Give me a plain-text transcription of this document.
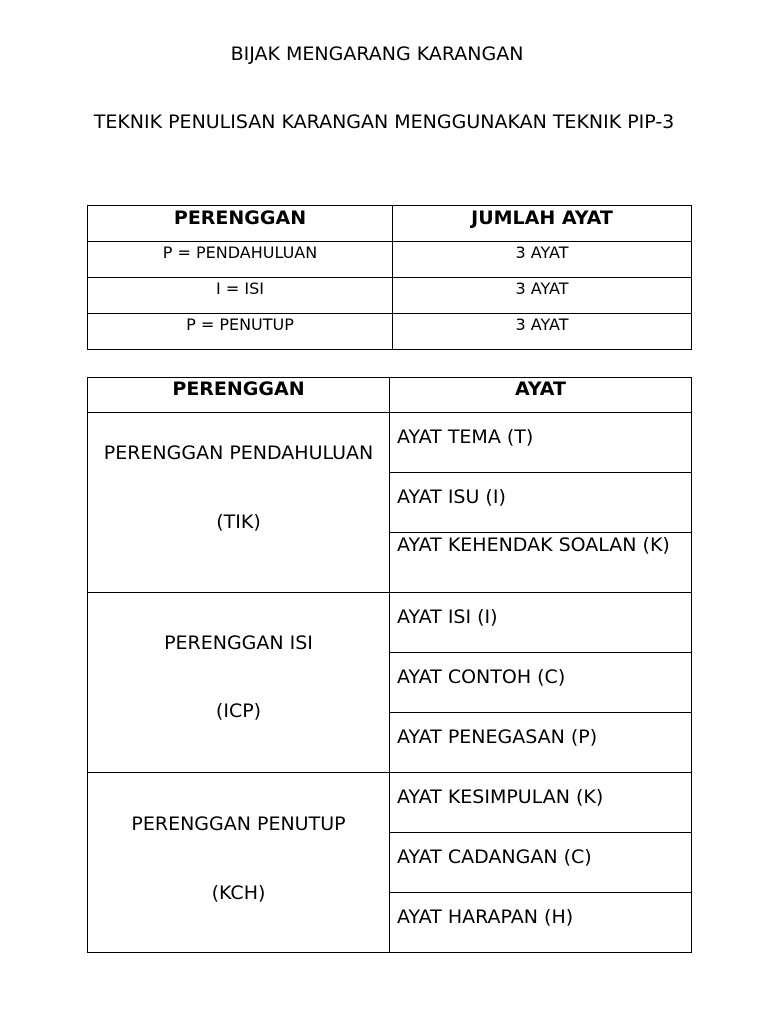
BIJAK MENGARANG KARANGAN
TEKNIK PENULISAN KARANGAN MENGGUNAKAN TEKNIK PIP-3
PERENGGAN	JUMLAH AYAT
P = PENDAHULUAN	3 AYAT
I = ISI	3 AYAT
P = PENUTUP	3 AYAT
PERENGGAN	AYAT

PERENGGAN PENDAHULUAN
(TIK)	AYAT TEMA (T)
	AYAT ISU (I)
	AYAT KEHENDAK SOALAN (K)

PERENGGAN ISI
(ICP)	AYAT ISI (I)
	AYAT CONTOH (C)
	AYAT PENEGASAN (P)

PERENGGAN PENUTUP
(KCH)	AYAT KESIMPULAN (K)
	AYAT CADANGAN (C)
	AYAT HARAPAN (H)
